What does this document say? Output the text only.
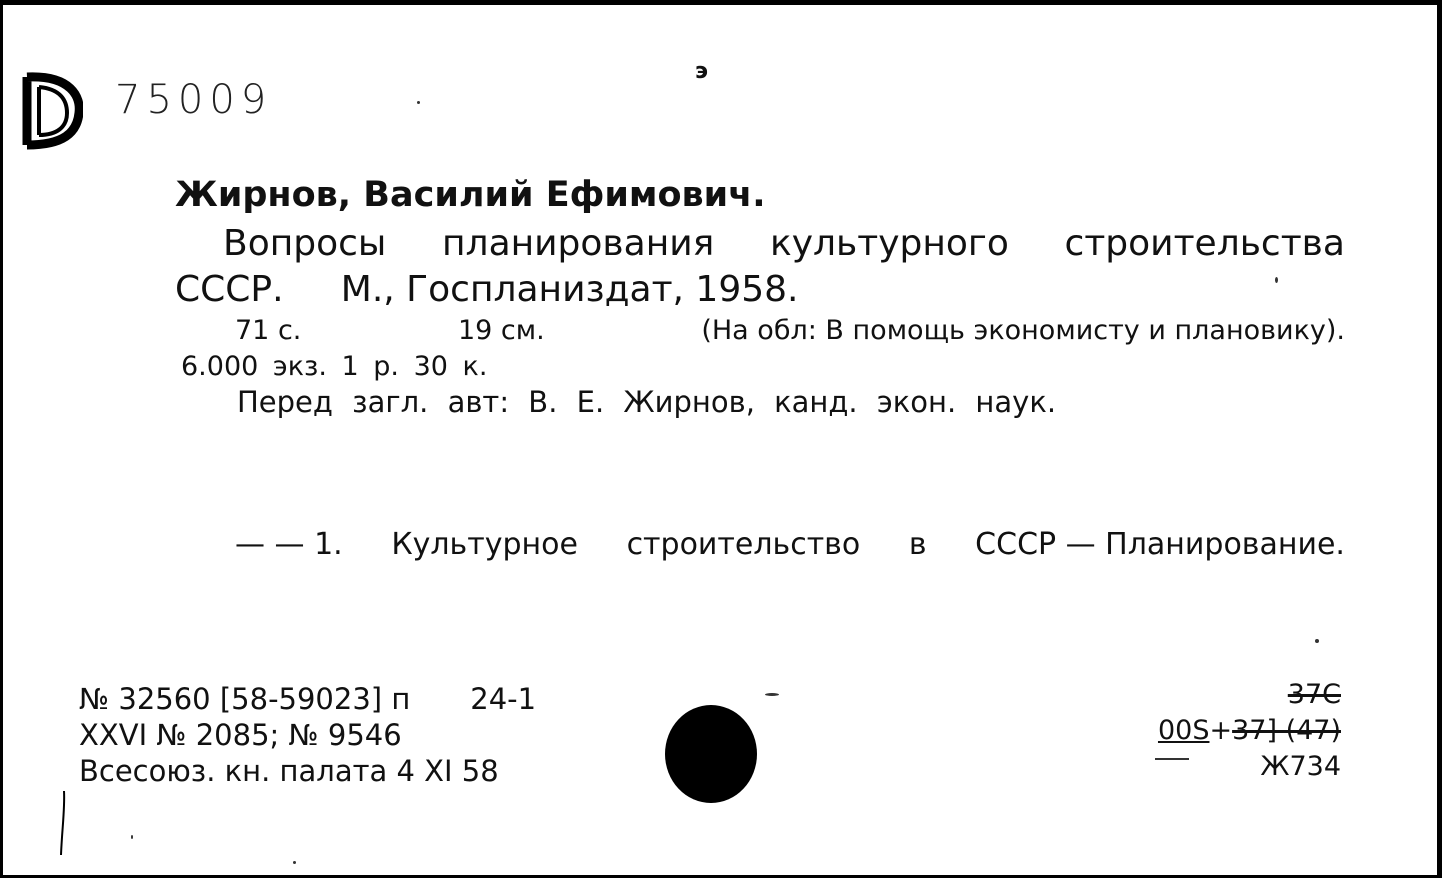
75009
э
Жирнов, Василий Ефимович.
Вопросы планирования культурного строительства
СССР.     М., Госпланиздат, 1958.
71 с.	19 см.	(На обл: В помощь экономисту и плановику).
6.000 экз. 1 р. 30 к.
Перед загл. авт: В. Е. Жирнов, канд. экон. наук.
— — 1. Культурное строительство в СССР — Планирование.
№ 32560 [58-59023] п 24-1
XXVI № 2085; № 9546
Всесоюз. кн. палата 4 XI 58
37С
00S+37] (47)
Ж734
